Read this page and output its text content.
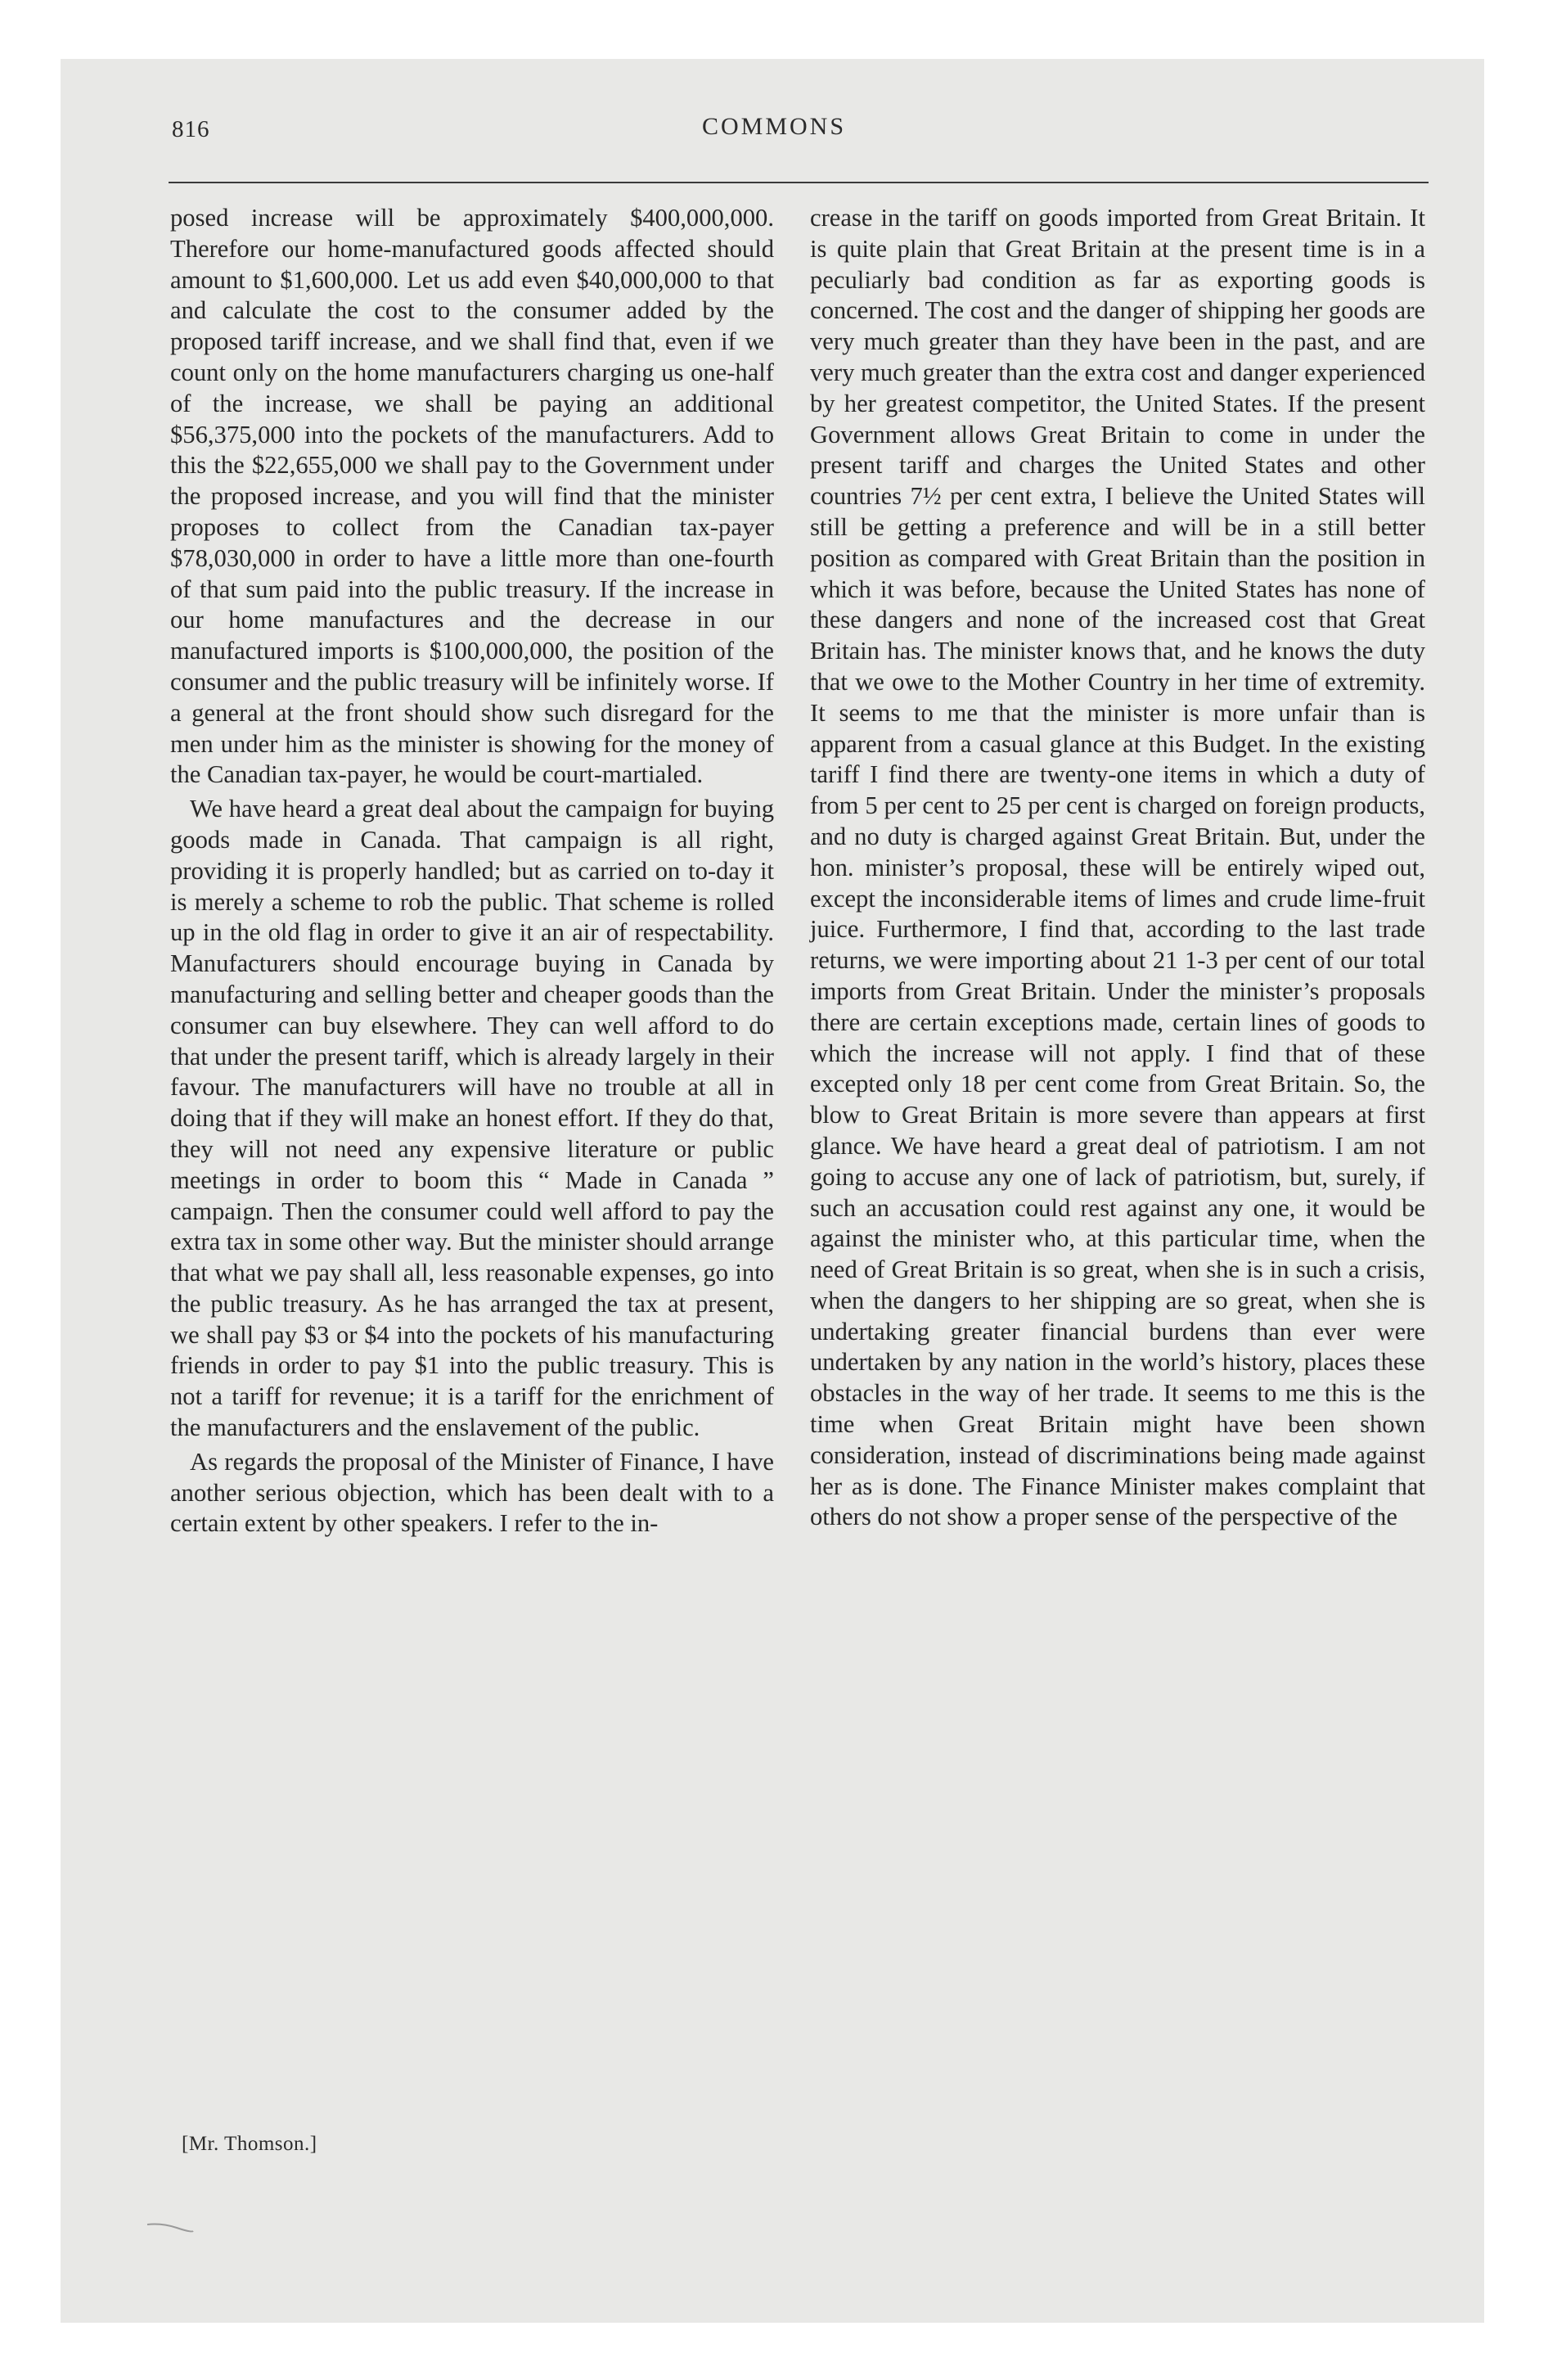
816	COMMONS

posed increase will be approximately $400,000,000. Therefore our home-manufactured goods affected should amount to $1,600,000. Let us add even $40,000,000 to that and calculate the cost to the consumer added by the proposed tariff increase, and we shall find that, even if we count only on the home manufacturers charging us one-half of the increase, we shall be paying an additional $56,375,000 into the pockets of the manufacturers. Add to this the $22,655,000 we shall pay to the Government under the proposed increase, and you will find that the minister proposes to collect from the Canadian tax-payer $78,030,000 in order to have a little more than one-fourth of that sum paid into the public treasury. If the increase in our home manufactures and the decrease in our manufactured imports is $100,000,000, the position of the consumer and the public treasury will be infinitely worse. If a general at the front should show such disregard for the men under him as the minister is showing for the money of the Canadian tax-payer, he would be court-martialed.

We have heard a great deal about the campaign for buying goods made in Canada. That campaign is all right, providing it is properly handled; but as carried on to-day it is merely a scheme to rob the public. That scheme is rolled up in the old flag in order to give it an air of respectability. Manufacturers should encourage buying in Canada by manufacturing and selling better and cheaper goods than the consumer can buy elsewhere. They can well afford to do that under the present tariff, which is already largely in their favour. The manufacturers will have no trouble at all in doing that if they will make an honest effort. If they do that, they will not need any expensive literature or public meetings in order to boom this “ Made in Canada ” campaign. Then the consumer could well afford to pay the extra tax in some other way. But the minister should arrange that what we pay shall all, less reasonable expenses, go into the public treasury. As he has arranged the tax at present, we shall pay $3 or $4 into the pockets of his manufacturing friends in order to pay $1 into the public treasury. This is not a tariff for revenue; it is a tariff for the enrichment of the manufacturers and the enslavement of the public.

As regards the proposal of the Minister of Finance, I have another serious objection, which has been dealt with to a certain extent by other speakers. I refer to the in-

crease in the tariff on goods imported from Great Britain. It is quite plain that Great Britain at the present time is in a peculiarly bad condition as far as exporting goods is concerned. The cost and the danger of shipping her goods are very much greater than they have been in the past, and are very much greater than the extra cost and danger experienced by her greatest competitor, the United States. If the present Government allows Great Britain to come in under the present tariff and charges the United States and other countries 7½ per cent extra, I believe the United States will still be getting a preference and will be in a still better position as compared with Great Britain than the position in which it was before, because the United States has none of these dangers and none of the increased cost that Great Britain has. The minister knows that, and he knows the duty that we owe to the Mother Country in her time of extremity. It seems to me that the minister is more unfair than is apparent from a casual glance at this Budget. In the existing tariff I find there are twenty-one items in which a duty of from 5 per cent to 25 per cent is charged on foreign products, and no duty is charged against Great Britain. But, under the hon. minister’s proposal, these will be entirely wiped out, except the inconsiderable items of limes and crude lime-fruit juice. Furthermore, I find that, according to the last trade returns, we were importing about 21 1-3 per cent of our total imports from Great Britain. Under the minister’s proposals there are certain exceptions made, certain lines of goods to which the increase will not apply. I find that of these excepted only 18 per cent come from Great Britain. So, the blow to Great Britain is more severe than appears at first glance. We have heard a great deal of patriotism. I am not going to accuse any one of lack of patriotism, but, surely, if such an accusation could rest against any one, it would be against the minister who, at this particular time, when the need of Great Britain is so great, when she is in such a crisis, when the dangers to her shipping are so great, when she is undertaking greater financial burdens than ever were undertaken by any nation in the world’s history, places these obstacles in the way of her trade. It seems to me this is the time when Great Britain might have been shown consideration, instead of discriminations being made against her as is done. The Finance Minister makes complaint that others do not show a proper sense of the perspective of the

[Mr. Thomson.]
